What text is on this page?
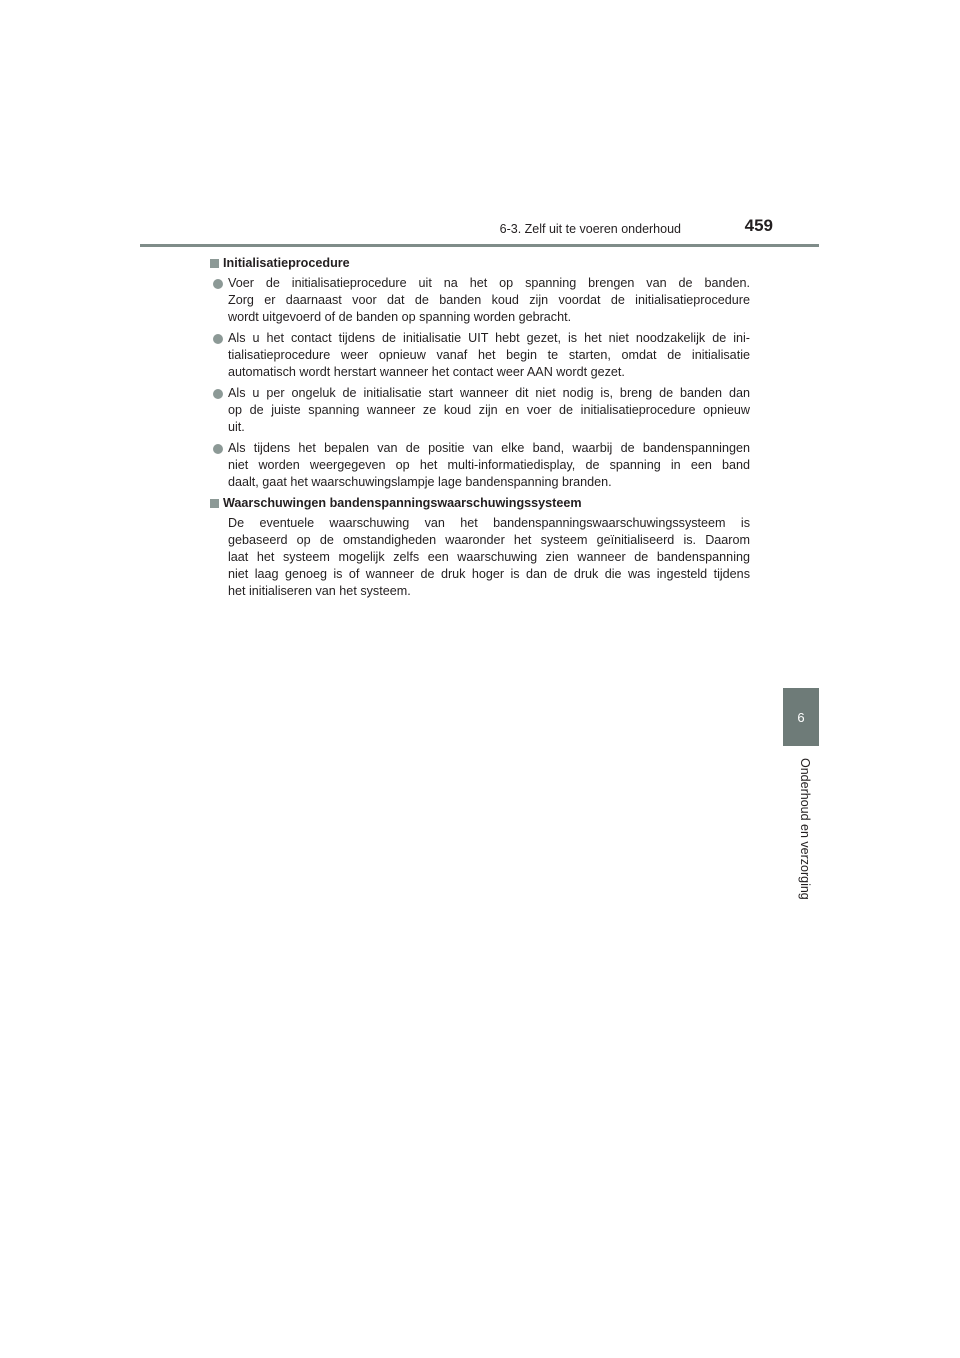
6-3. Zelf uit te voeren onderhoud	459
6
Onderhoud en verzorging
Initialisatieprocedure
Voer de initialisatieprocedure uit na het op spanning brengen van de banden.
Zorg er daarnaast voor dat de banden koud zijn voordat de initialisatieprocedure
wordt uitgevoerd of de banden op spanning worden gebracht.
Als u het contact tijdens de initialisatie UIT hebt gezet, is het niet noodzakelijk de ini-
tialisatieprocedure weer opnieuw vanaf het begin te starten, omdat de initialisatie
automatisch wordt herstart wanneer het contact weer AAN wordt gezet.
Als u per ongeluk de initialisatie start wanneer dit niet nodig is, breng de banden dan
op de juiste spanning wanneer ze koud zijn en voer de initialisatieprocedure opnieuw
uit.
Als tijdens het bepalen van de positie van elke band, waarbij de bandenspanningen
niet worden weergegeven op het multi-informatiedisplay, de spanning in een band
daalt, gaat het waarschuwingslampje lage bandenspanning branden.
Waarschuwingen bandenspanningswaarschuwingssysteem
De eventuele waarschuwing van het bandenspanningswaarschuwingssysteem is
gebaseerd op de omstandigheden waaronder het systeem geïnitialiseerd is. Daarom
laat het systeem mogelijk zelfs een waarschuwing zien wanneer de bandenspanning
niet laag genoeg is of wanneer de druk hoger is dan de druk die was ingesteld tijdens
het initialiseren van het systeem.
